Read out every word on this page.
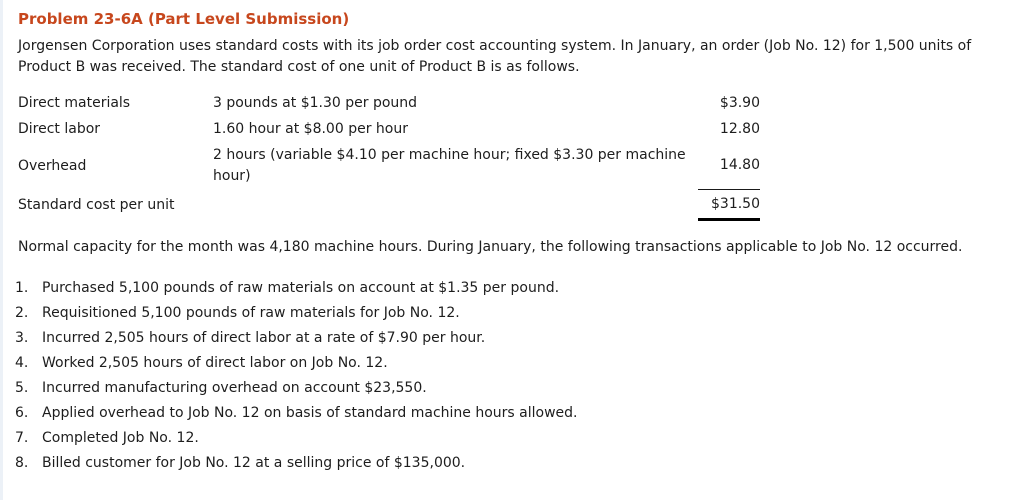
Problem 23-6A (Part Level Submission)

Jorgensen Corporation uses standard costs with its job order cost accounting system. In January, an order (Job No. 12) for 1,500 units of Product B was received. The standard cost of one unit of Product B is as follows.

Direct materials	3 pounds at $1.30 per pound	$3.90
Direct labor	1.60 hour at $8.00 per hour	12.80
Overhead	2 hours (variable $4.10 per machine hour; fixed $3.30 per machine hour)	14.80
Standard cost per unit		$31.50

Normal capacity for the month was 4,180 machine hours. During January, the following transactions applicable to Job No. 12 occurred.

1. Purchased 5,100 pounds of raw materials on account at $1.35 per pound.
2. Requisitioned 5,100 pounds of raw materials for Job No. 12.
3. Incurred 2,505 hours of direct labor at a rate of $7.90 per hour.
4. Worked 2,505 hours of direct labor on Job No. 12.
5. Incurred manufacturing overhead on account $23,550.
6. Applied overhead to Job No. 12 on basis of standard machine hours allowed.
7. Completed Job No. 12.
8. Billed customer for Job No. 12 at a selling price of $135,000.
